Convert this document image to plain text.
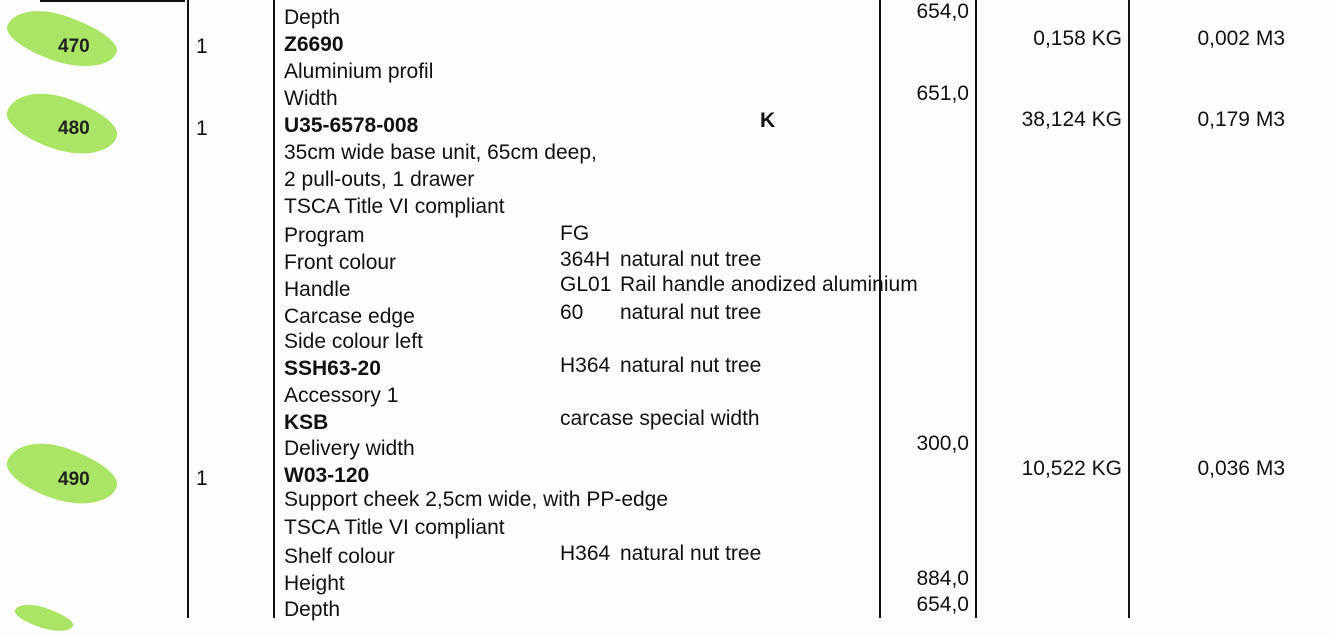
Depth	654,0
470	1	Z6690	0,158 KG	0,002 M3
Aluminium profil
Width	651,0
480	1	U35-6578-008	K	38,124 KG	0,179 M3
35cm wide base unit, 65cm deep,
2 pull-outs, 1 drawer
TSCA Title VI compliant
Program	FG
Front colour	364H natural nut tree
Handle	GL01 Rail handle anodized aluminium
Carcase edge	60 natural nut tree
Side colour left
SSH63-20	H364 natural nut tree
Accessory 1
KSB	carcase special width
Delivery width	300,0
490	1	W03-120	10,522 KG	0,036 M3
Support cheek 2,5cm wide, with PP-edge
TSCA Title VI compliant
Shelf colour	H364 natural nut tree
Height	884,0
Depth	654,0
